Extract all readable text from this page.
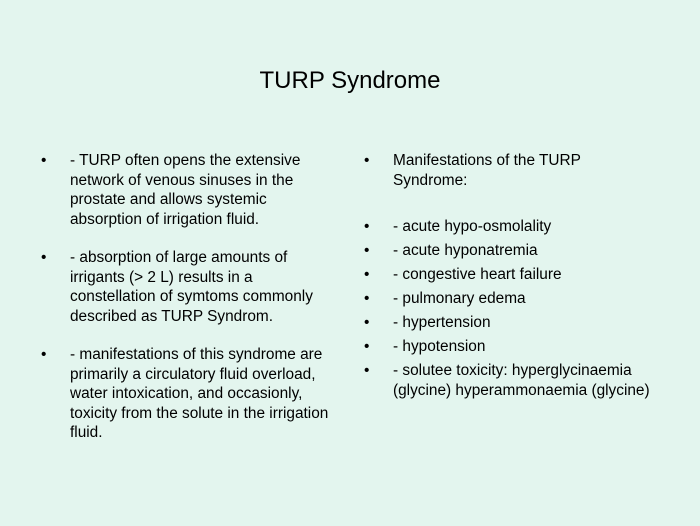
TURP Syndrome
• - TURP often opens the extensive network of venous sinuses in the prostate and allows systemic absorption of irrigation fluid.
• - absorption of large amounts of irrigants (> 2 L) results in a constellation of symtoms commonly described as TURP Syndrom.
• - manifestations of this syndrome are primarily a circulatory fluid overload, water intoxication, and occasionly, toxicity from the solute in the irrigation fluid.
• Manifestations of the TURP Syndrome:
• - acute hypo-osmolality
• - acute hyponatremia
• - congestive heart failure
• - pulmonary edema
• - hypertension
• - hypotension
• - solutee toxicity: hyperglycinaemia (glycine) hyperammonaemia (glycine)
